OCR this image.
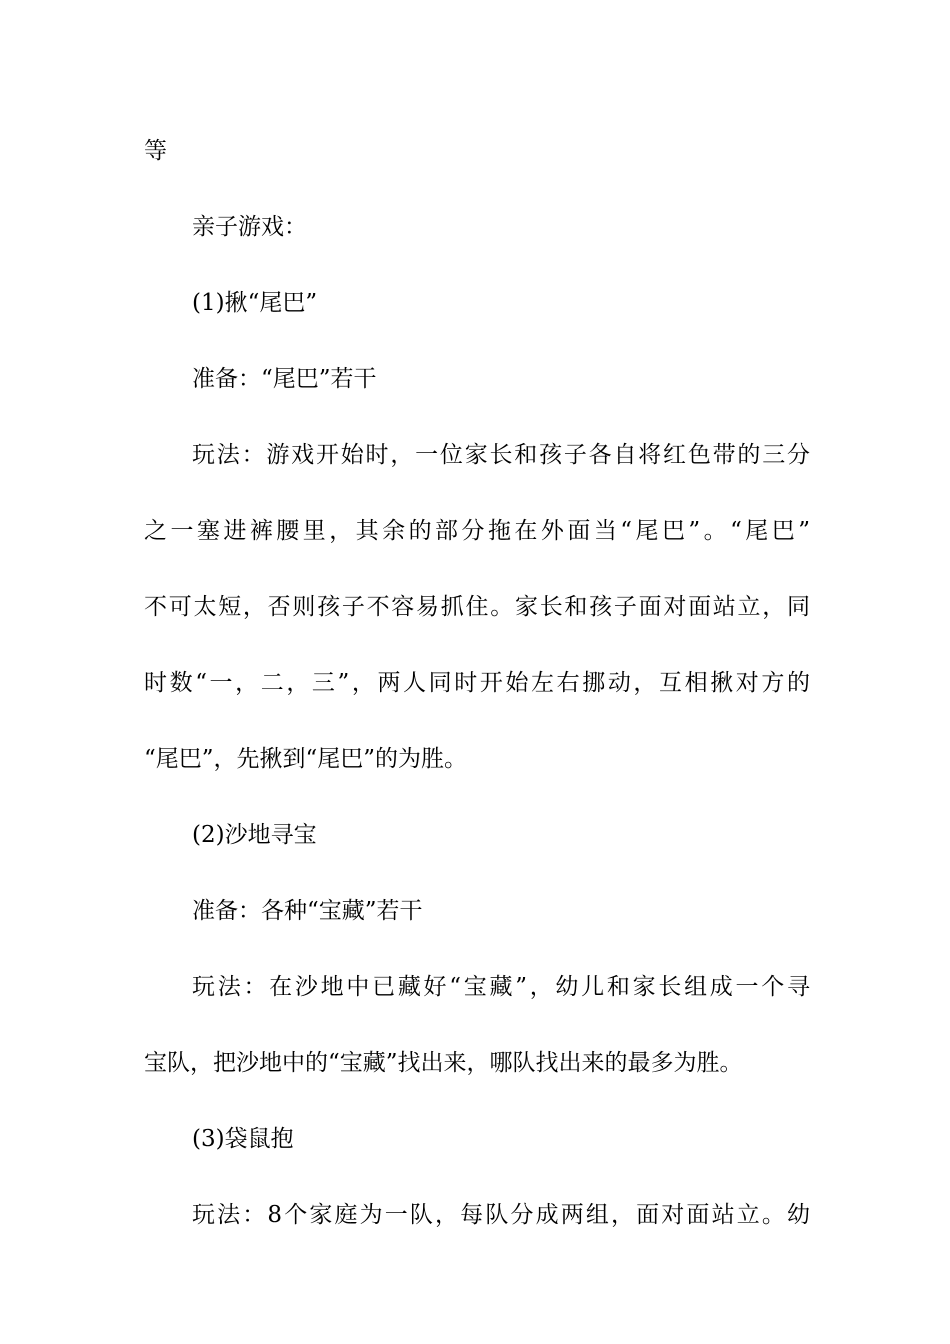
等
亲子游戏：
(1)揪“尾巴”
准备：“尾巴”若干
玩法：游戏开始时，一位家长和孩子各自将红色带的三分
之一塞进裤腰里，其余的部分拖在外面当“尾巴”。“尾巴”
不可太短，否则孩子不容易抓住。家长和孩子面对面站立，同
时数“一，二，三”，两人同时开始左右挪动，互相揪对方的
“尾巴”，先揪到“尾巴”的为胜。
(2)沙地寻宝
准备：各种“宝藏”若干
玩法：在沙地中已藏好“宝藏”，幼儿和家长组成一个寻
宝队，把沙地中的“宝藏”找出来，哪队找出来的最多为胜。
(3)袋鼠抱
玩法：8个家庭为一队，每队分成两组，面对面站立。幼
